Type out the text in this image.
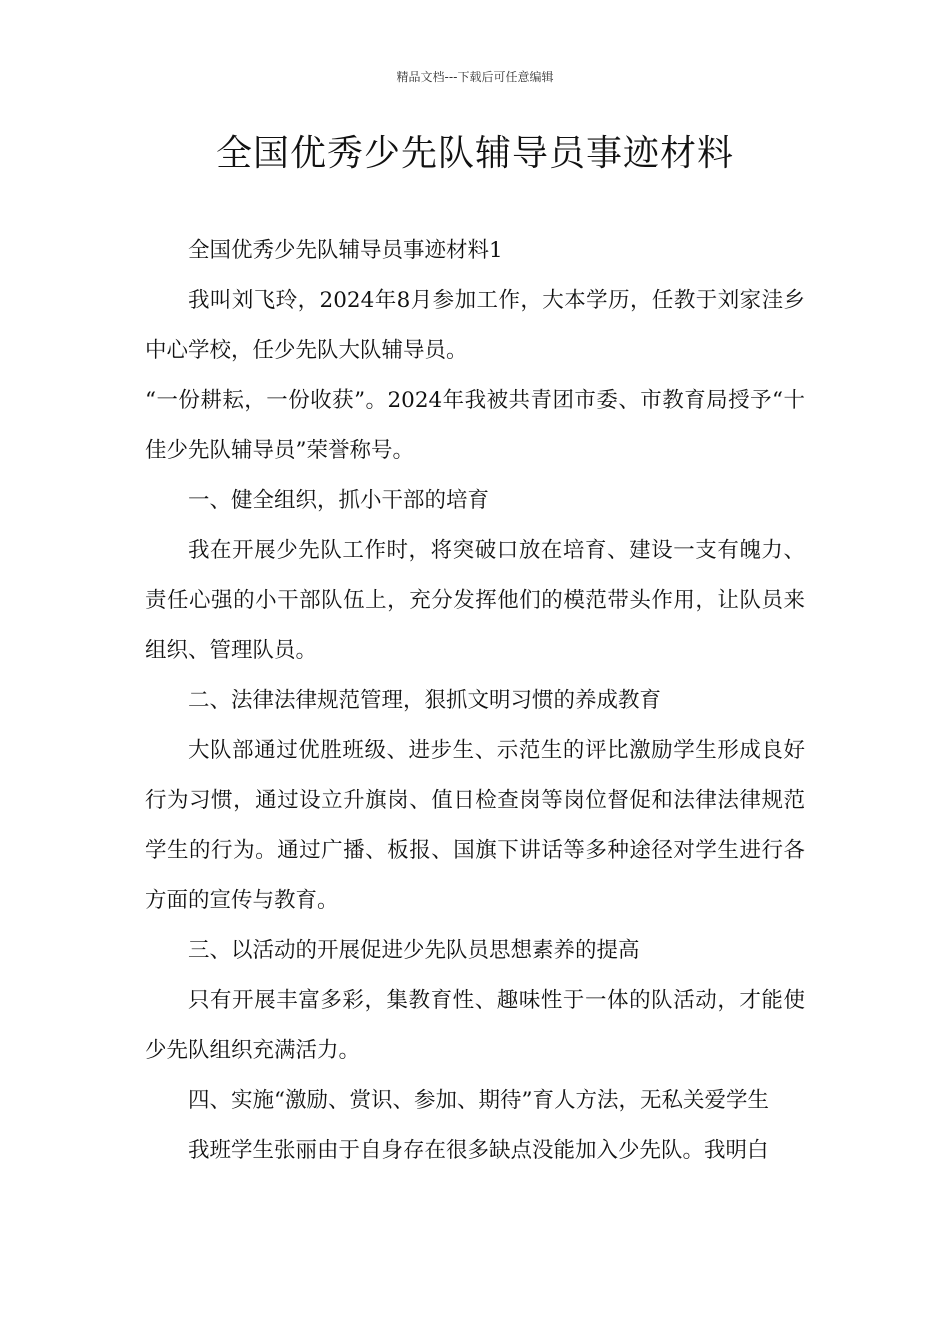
精品文档---下载后可任意编辑
全国优秀少先队辅导员事迹材料

全国优秀少先队辅导员事迹材料1

我叫刘飞玲，2024年8月参加工作，大本学历，任教于刘家洼乡中心学校，任少先队大队辅导员。

“一份耕耘，一份收获”。2024年我被共青团市委、市教育局授予“十佳少先队辅导员”荣誉称号。

一、健全组织，抓小干部的培育

我在开展少先队工作时，将突破口放在培育、建设一支有魄力、责任心强的小干部队伍上，充分发挥他们的模范带头作用，让队员来组织、管理队员。

二、法律法律规范管理，狠抓文明习惯的养成教育

大队部通过优胜班级、进步生、示范生的评比激励学生形成良好行为习惯，通过设立升旗岗、值日检查岗等岗位督促和法律法律规范学生的行为。通过广播、板报、国旗下讲话等多种途径对学生进行各方面的宣传与教育。

三、以活动的开展促进少先队员思想素养的提高

只有开展丰富多彩，集教育性、趣味性于一体的队活动，才能使少先队组织充满活力。

四、实施“激励、赏识、参加、期待”育人方法，无私关爱学生

我班学生张丽由于自身存在很多缺点没能加入少先队。我明白
